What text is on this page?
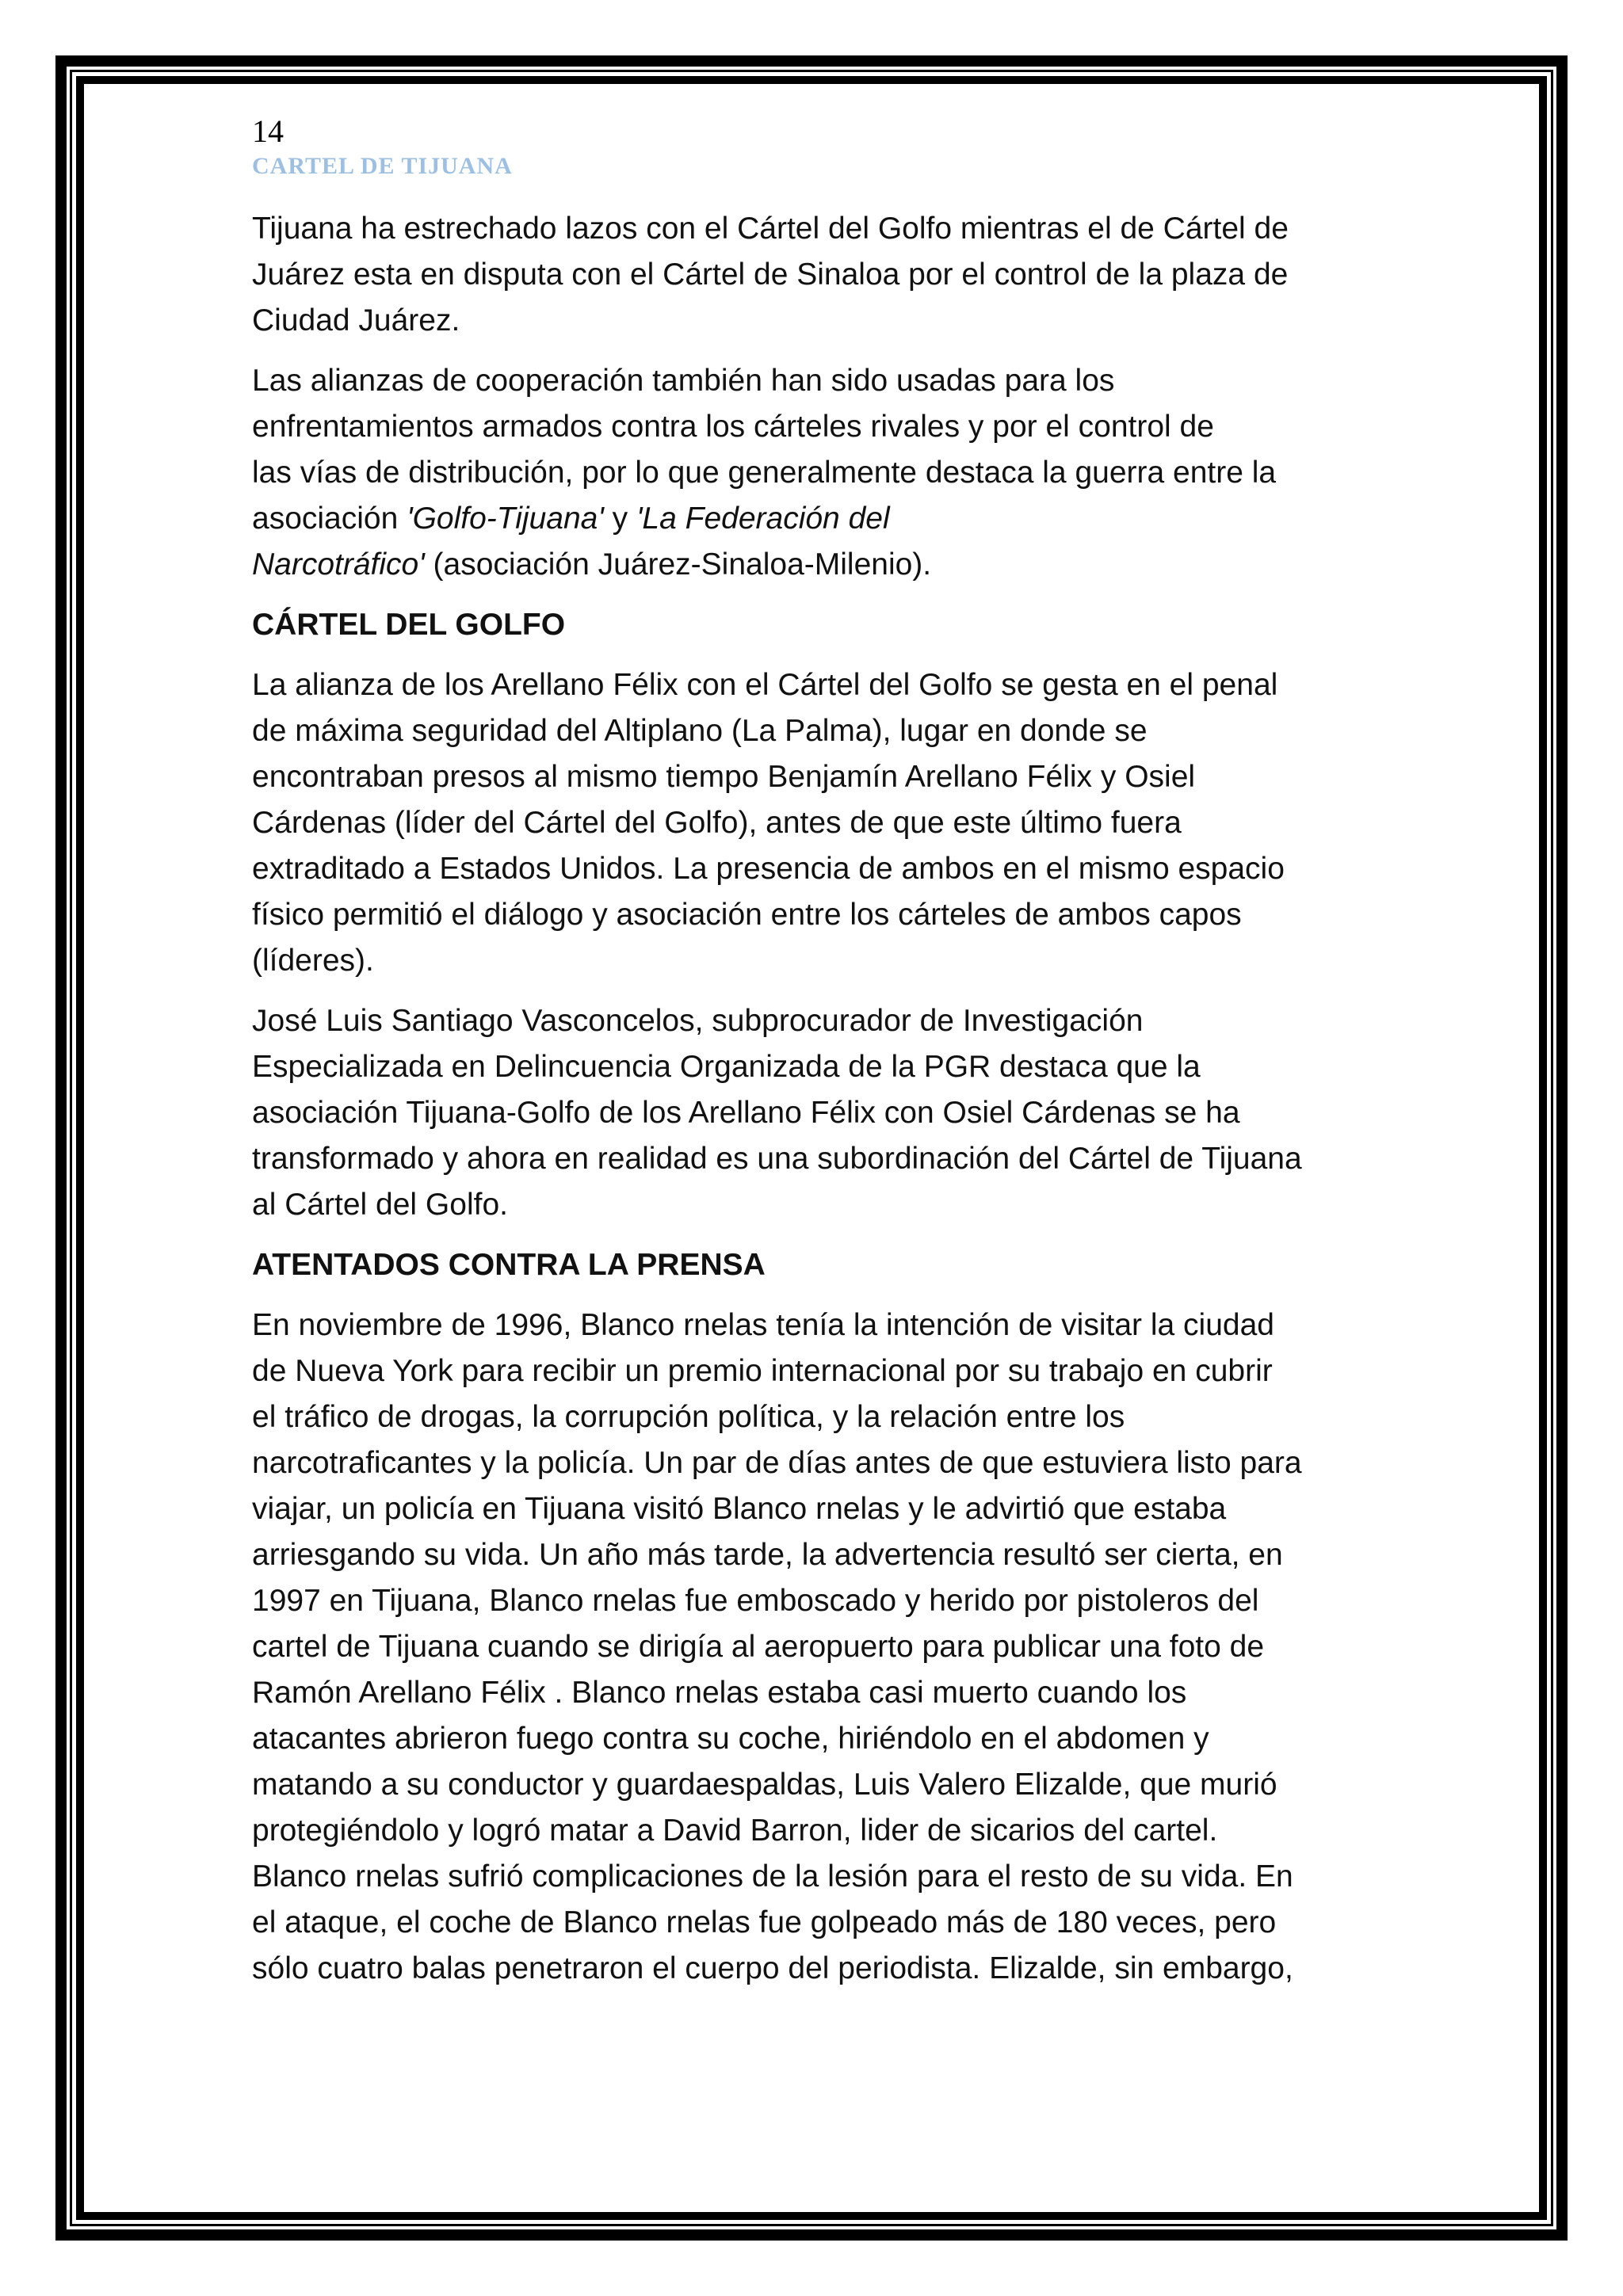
14

CARTEL DE TIJUANA

Tijuana ha estrechado lazos con el Cártel del Golfo mientras el de Cártel de
Juárez esta en disputa con el Cártel de Sinaloa por el control de la plaza de
Ciudad Juárez.

Las alianzas de cooperación también han sido usadas para los
enfrentamientos armados contra los cárteles rivales y por el control de
las vías de distribución, por lo que generalmente destaca la guerra entre la
asociación 'Golfo-Tijuana' y 'La Federación del
Narcotráfico' (asociación Juárez-Sinaloa-Milenio).

CÁRTEL DEL GOLFO

La alianza de los Arellano Félix con el Cártel del Golfo se gesta en el penal
de máxima seguridad del Altiplano (La Palma), lugar en donde se
encontraban presos al mismo tiempo Benjamín Arellano Félix y Osiel
Cárdenas (líder del Cártel del Golfo), antes de que este último fuera
extraditado a Estados Unidos. La presencia de ambos en el mismo espacio
físico permitió el diálogo y asociación entre los cárteles de ambos capos
(líderes).

José Luis Santiago Vasconcelos, subprocurador de Investigación
Especializada en Delincuencia Organizada de la PGR destaca que la
asociación Tijuana-Golfo de los Arellano Félix con Osiel Cárdenas se ha
transformado y ahora en realidad es una subordinación del Cártel de Tijuana
al Cártel del Golfo.

ATENTADOS CONTRA LA PRENSA

En noviembre de 1996, Blanco rnelas tenía la intención de visitar la ciudad
de Nueva York para recibir un premio internacional por su trabajo en cubrir
el tráfico de drogas, la corrupción política, y la relación entre los
narcotraficantes y la policía. Un par de días antes de que estuviera listo para
viajar, un policía en Tijuana visitó Blanco rnelas y le advirtió que estaba
arriesgando su vida. Un año más tarde, la advertencia resultó ser cierta, en
1997 en Tijuana, Blanco rnelas fue emboscado y herido por pistoleros del
cartel de Tijuana cuando se dirigía al aeropuerto para publicar una foto de
Ramón Arellano Félix . Blanco rnelas estaba casi muerto cuando los
atacantes abrieron fuego contra su coche, hiriéndolo en el abdomen y
matando a su conductor y guardaespaldas, Luis Valero Elizalde, que murió
protegiéndolo y logró matar a David Barron, lider de sicarios del cartel.
Blanco rnelas sufrió complicaciones de la lesión para el resto de su vida. En
el ataque, el coche de Blanco rnelas fue golpeado más de 180 veces, pero
sólo cuatro balas penetraron el cuerpo del periodista. Elizalde, sin embargo,
